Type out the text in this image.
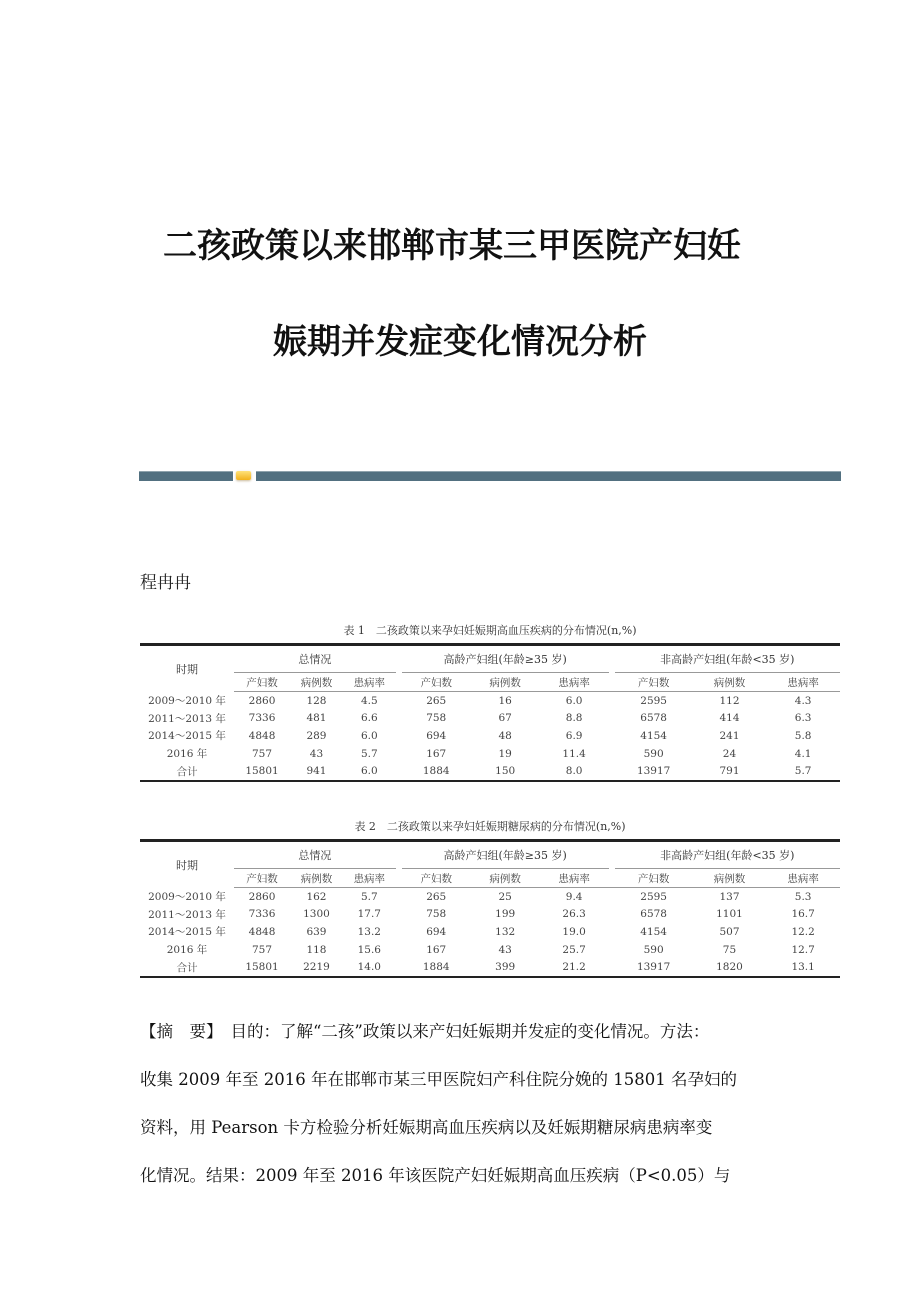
二孩政策以来邯郸市某三甲医院产妇妊
娠期并发症变化情况分析
程冉冉
表 1　二孩政策以来孕妇妊娠期高血压疾病的分布情况(n,%)
时期	总情况				高龄产妇组(年龄≥35 岁)				非高龄产妇组(年龄<35 岁)		
	产妇数	病例数	患病率		产妇数	病例数	患病率		产妇数	病例数	患病率
2009～2010 年	2860	128	4.5		265	16	6.0		2595	112	4.3
2011～2013 年	7336	481	6.6		758	67	8.8		6578	414	6.3
2014～2015 年	4848	289	6.0		694	48	6.9		4154	241	5.8
2016 年	757	43	5.7		167	19	11.4		590	24	4.1
合计	15801	941	6.0		1884	150	8.0		13917	791	5.7
表 2　二孩政策以来孕妇妊娠期糖尿病的分布情况(n,%)
时期	总情况				高龄产妇组(年龄≥35 岁)				非高龄产妇组(年龄<35 岁)		
	产妇数	病例数	患病率		产妇数	病例数	患病率		产妇数	病例数	患病率
2009～2010 年	2860	162	5.7		265	25	9.4		2595	137	5.3
2011～2013 年	7336	1300	17.7		758	199	26.3		6578	1101	16.7
2014～2015 年	4848	639	13.2		694	132	19.0		4154	507	12.2
2016 年	757	118	15.6		167	43	25.7		590	75	12.7
合计	15801	2219	14.0		1884	399	21.2		13917	1820	13.1
【摘　要】 目的：了解“二孩”政策以来产妇妊娠期并发症的变化情况。方法：
收集 2009 年至 2016 年在邯郸市某三甲医院妇产科住院分娩的 15801 名孕妇的
资料，用 Pearson 卡方检验分析妊娠期高血压疾病以及妊娠期糖尿病患病率变
化情况。结果：2009 年至 2016 年该医院产妇妊娠期高血压疾病（P<0.05）与
